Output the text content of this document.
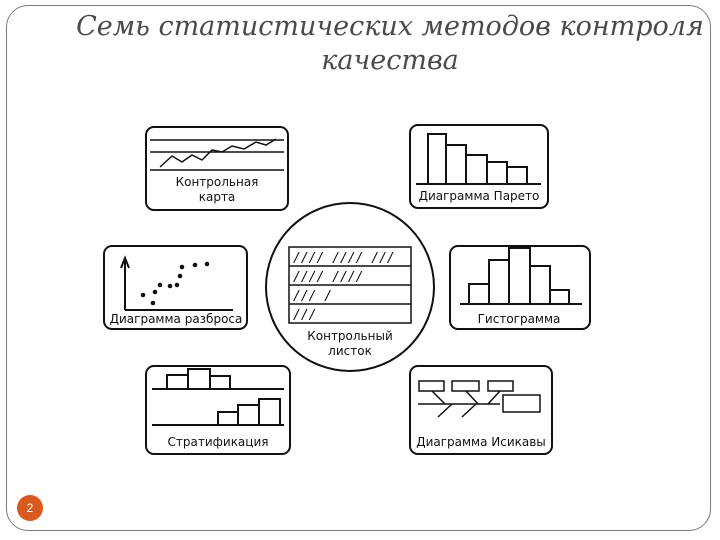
Семь статистических методов контроля
качества
//// //// ///
//// ////
/// /
///
Контрольная
карта	Диаграмма Парето
Диаграмма разброса
Контрольный
листок
Гистограмма
Стратификация	Диаграмма Исикавы
2
